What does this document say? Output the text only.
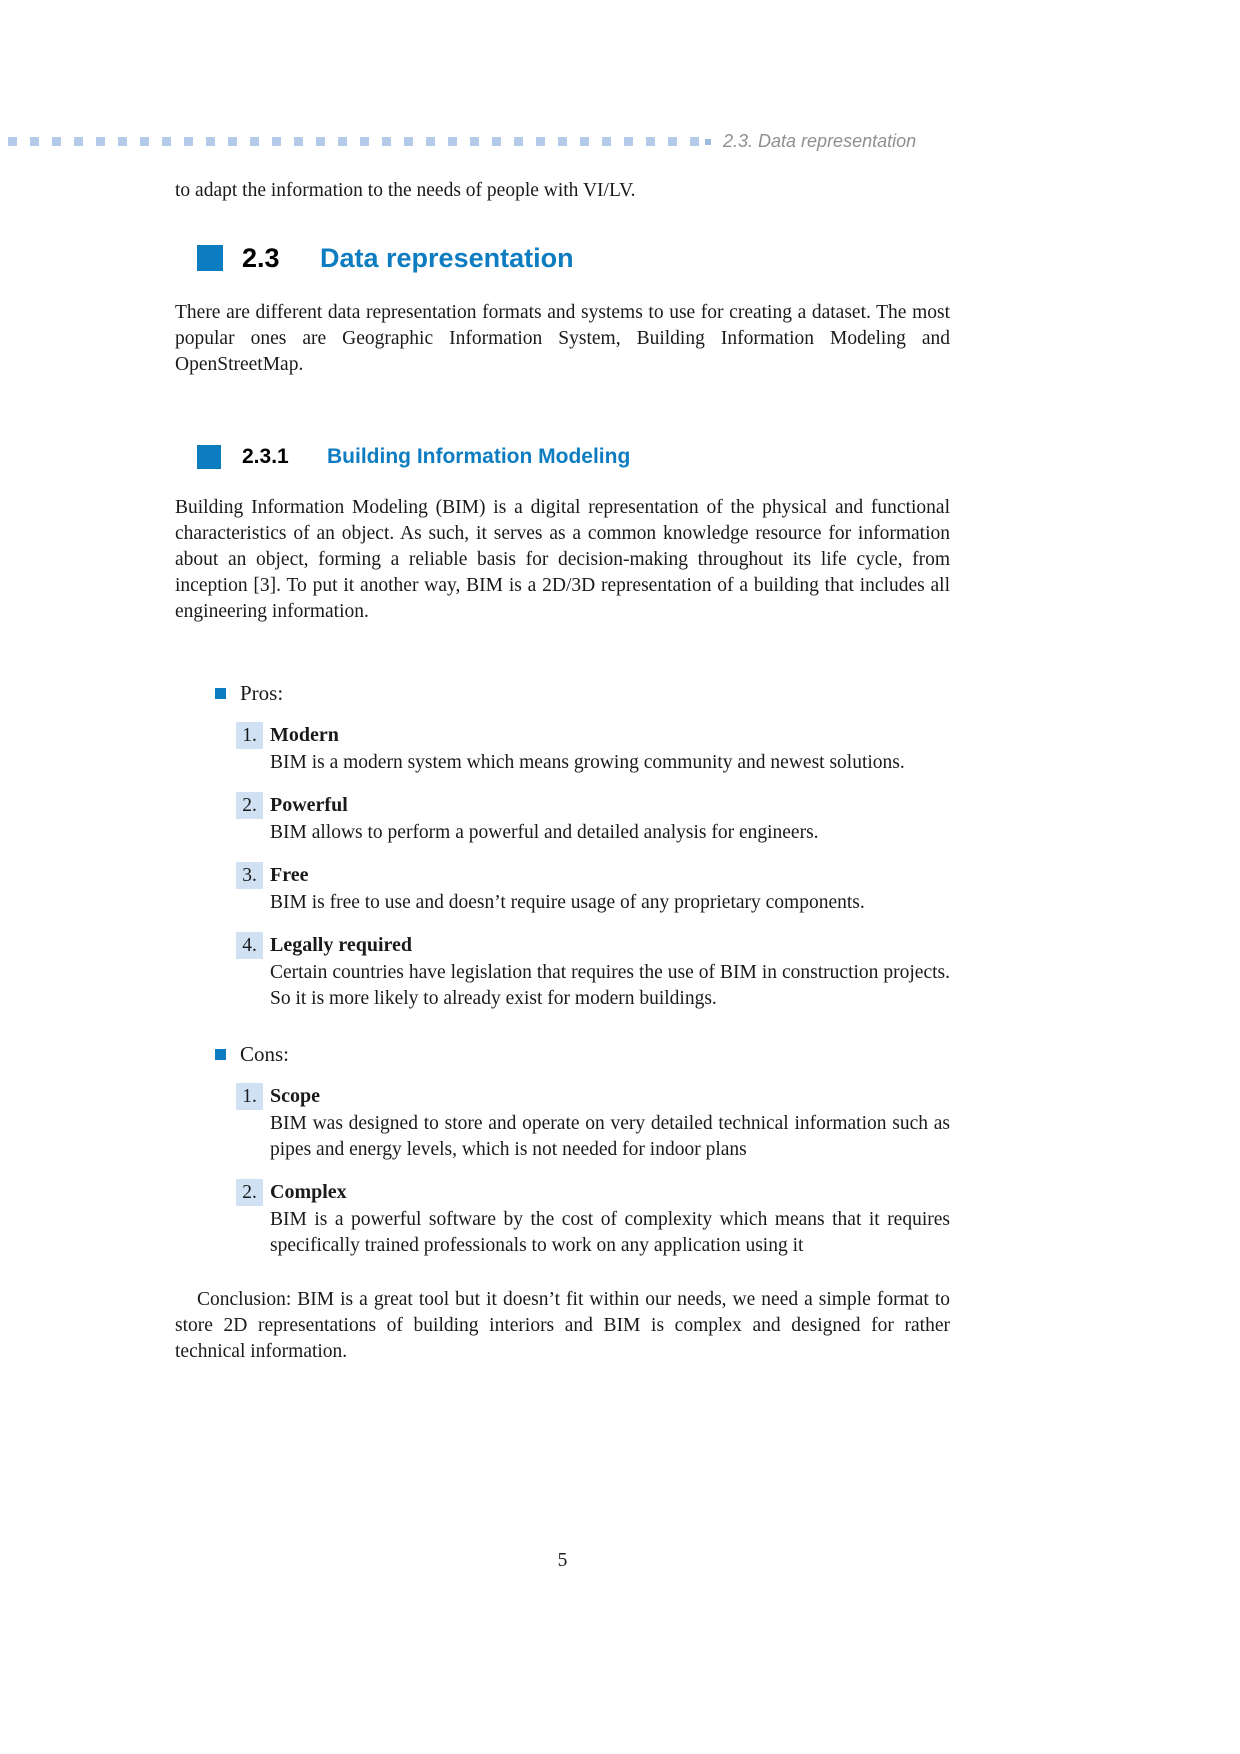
2.3. Data representation

to adapt the information to the needs of people with VI/LV.

2.3	Data representation

There are different data representation formats and systems to use for creating a dataset. The most popular ones are Geographic Information System, Building Information Modeling and OpenStreetMap.

2.3.1	Building Information Modeling

Building Information Modeling (BIM) is a digital representation of the physical and functional characteristics of an object. As such, it serves as a common knowledge resource for information about an object, forming a reliable basis for decision-making throughout its life cycle, from inception [3]. To put it another way, BIM is a 2D/3D representation of a building that includes all engineering information.

Pros:
1. Modern

BIM is a modern system which means growing community and newest solutions.

2. Powerful

BIM allows to perform a powerful and detailed analysis for engineers.

3. Free

BIM is free to use and doesn’t require usage of any proprietary components.

4. Legally required

Certain countries have legislation that requires the use of BIM in construction projects. So it is more likely to already exist for modern buildings.

Cons:
1. Scope

BIM was designed to store and operate on very detailed technical information such as pipes and energy levels, which is not needed for indoor plans

2. Complex

BIM is a powerful software by the cost of complexity which means that it requires specifically trained professionals to work on any application using it

Conclusion: BIM is a great tool but it doesn’t fit within our needs, we need a simple format to store 2D representations of building interiors and BIM is complex and designed for rather technical information.

5
